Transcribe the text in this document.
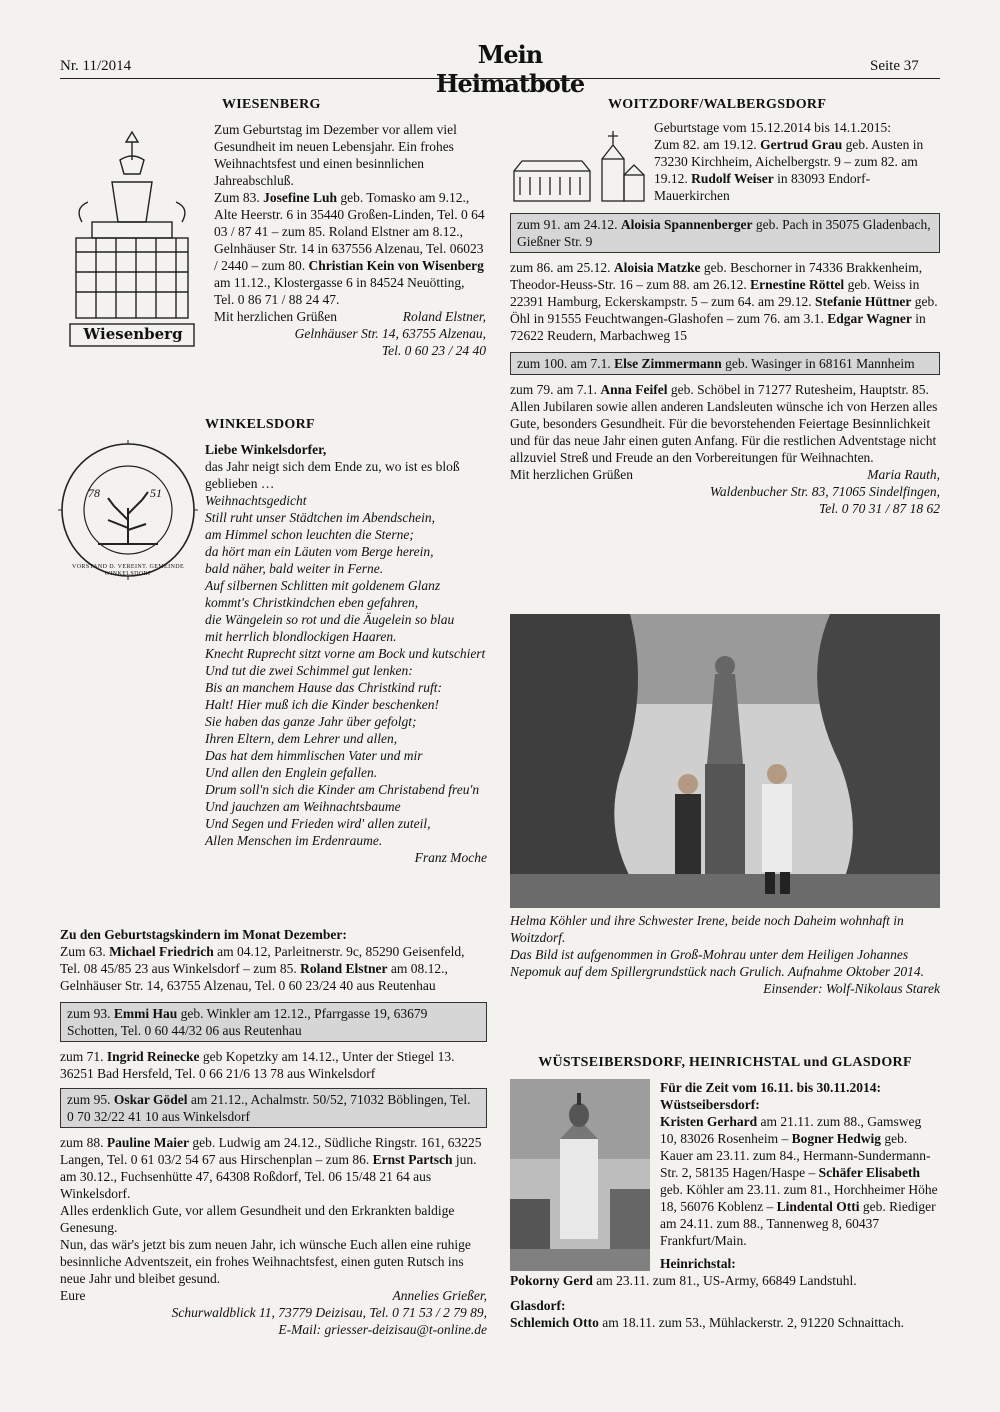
Nr. 11/2014	Mein Heimatbote
Seite 37
Wiesenberg
WIESENBERG

Zum Geburtstag im Dezember vor allem viel Gesundheit im neuen Lebensjahr. Ein frohes Weihnachtsfest und einen besinnlichen Jahreabschluß.

Zum 83. Josefine Luh geb. Tomasko am 9.12., Alte Heerstr. 6 in 35440 Großen-Linden, Tel. 0 64 03 / 87 41 – zum 85. Roland Elstner am 8.12., Gelnhäuser Str. 14 in 637556 Alzenau, Tel. 06023 / 2440 – zum 80. Christian Kein von Wisenberg am 11.12., Klostergasse 6 in 84524 Neuötting, Tel. 0 86 71 / 88 24 47.

Mit herzlichen Grüßen	Roland Elstner,

Gelnhäuser Str. 14, 63755 Alzenau,

Tel. 0 60 23 / 24 40

78	51
VORSTAND D. VEREINT. GEMEINDE WINKELSDORF
WINKELSDORF

Liebe Winkelsdorfer,

das Jahr neigt sich dem Ende zu, wo ist es bloß geblieben …

Weihnachtsgedicht

Still ruht unser Städtchen im Abendschein,

am Himmel schon leuchten die Sterne;

da hört man ein Läuten vom Berge herein,

bald näher, bald weiter in Ferne.

Auf silbernen Schlitten mit goldenem Glanz

kommt's Christkindchen eben gefahren,

die Wängelein so rot und die Äugelein so blau

mit herrlich blondlockigen Haaren.

Knecht Ruprecht sitzt vorne am Bock und kutschiert

Und tut die zwei Schimmel gut lenken:

Bis an manchem Hause das Christkind ruft:

Halt! Hier muß ich die Kinder beschenken!

Sie haben das ganze Jahr über gefolgt;

Ihren Eltern, dem Lehrer und allen,

Das hat dem himmlischen Vater und mir

Und allen den Englein gefallen.

Drum soll'n sich die Kinder am Christabend freu'n

Und jauchzen am Weihnachtsbaume

Und Segen und Frieden wird' allen zuteil,

Allen Menschen im Erdenraume.

Franz Moche

Zu den Geburtstagskindern im Monat Dezember:

Zum 63. Michael Friedrich am 04.12, Parleitnerstr. 9c, 85290 Geisenfeld, Tel. 08 45/85 23 aus Winkelsdorf – zum 85. Roland Elstner am 08.12., Gelnhäuser Str. 14, 63755 Alzenau, Tel. 0 60 23/24 40 aus Reutenhau

zum 93. Emmi Hau geb. Winkler am 12.12., Pfarrgasse 19, 63679 Schotten, Tel. 0 60 44/32 06 aus Reutenhau

zum 71. Ingrid Reinecke geb Kopetzky am 14.12., Unter der Stiegel 13. 36251 Bad Hersfeld, Tel. 0 66 21/6 13 78 aus Winkelsdorf

zum 95. Oskar Gödel am 21.12., Achalmstr. 50/52, 71032 Böblingen, Tel. 0 70 32/22 41 10 aus Winkelsdorf

zum 88. Pauline Maier geb. Ludwig am 24.12., Südliche Ringstr. 161, 63225 Langen, Tel. 0 61 03/2 54 67 aus Hirschenplan – zum 86. Ernst Partsch jun. am 30.12., Fuchsenhütte 47, 64308 Roßdorf, Tel. 06 15/48 21 64 aus Winkelsdorf.

Alles erdenklich Gute, vor allem Gesundheit und den Erkrankten baldige Genesung.

Nun, das wär's jetzt bis zum neuen Jahr, ich wünsche Euch allen eine ruhige besinnliche Adventszeit, ein frohes Weihnachtsfest, einen guten Rutsch ins neue Jahr und bleibet gesund.

Eure	Annelies Grießer,

Schurwaldblick 11, 73779 Deizisau, Tel. 0 71 53 / 2 79 89,

E-Mail: griesser-deizisau@t-online.de

WOITZDORF/WALBERGSDORF

Geburtstage vom 15.12.2014 bis 14.1.2015:

Zum 82. am 19.12. Gertrud Grau geb. Austen in 73230 Kirchheim, Aichelbergstr. 9 – zum 82. am 19.12. Rudolf Weiser in 83093 Endorf-Mauerkirchen

zum 91. am 24.12. Aloisia Spannenberger geb. Pach in 35075 Gladenbach, Gießner Str. 9

zum 86. am 25.12. Aloisia Matzke geb. Beschorner in 74336 Brakkenheim, Theodor-Heuss-Str. 16 – zum 88. am 26.12. Ernestine Röttel geb. Weiss in 22391 Hamburg, Eckerskampstr. 5 – zum 64. am 29.12. Stefanie Hüttner geb. Öhl in 91555 Feuchtwangen-Glashofen – zum 76. am 3.1. Edgar Wagner in 72622 Reudern, Marbachweg 15

zum 100. am 7.1. Else Zimmermann geb. Wasinger in 68161 Mannheim

zum 79. am 7.1. Anna Feifel geb. Schöbel in 71277 Rutesheim, Hauptstr. 85.

Allen Jubilaren sowie allen anderen Landsleuten wünsche ich von Herzen alles Gute, besonders Gesundheit. Für die bevorstehenden Feiertage Besinnlichkeit und für das neue Jahr einen guten Anfang. Für die restlichen Adventstage nicht allzuviel Streß und Freude an den Vorbereitungen für Weihnachten.

Mit herzlichen Grüßen	Maria Rauth,

Waldenbucher Str. 83, 71065 Sindelfingen,

Tel. 0 70 31 / 87 18 62

Helma Köhler und ihre Schwester Irene, beide noch Daheim wohnhaft in Woitzdorf.

Das Bild ist aufgenommen in Groß-Mohrau unter dem Heiligen Johannes Nepomuk auf dem Spillergrundstück nach Grulich. Aufnahme Oktober 2014.
Einsender: Wolf-Nikolaus Starek

WÜSTSEIBERSDORF, HEINRICHSTAL und GLASDORF

Für die Zeit vom 16.11. bis 30.11.2014:

Wüstseibersdorf:

Kristen Gerhard am 21.11. zum 88., Gamsweg 10, 83026 Rosenheim – Bogner Hedwig geb. Kauer am 23.11. zum 84., Hermann-Sundermann-Str. 2, 58135 Hagen/Haspe – Schäfer Elisabeth geb. Köhler am 23.11. zum 81., Horchheimer Höhe 18, 56076 Koblenz – Lindental Otti geb. Riediger am 24.11. zum 88., Tannenweg 8, 60437 Frankfurt/Main.

Heinrichstal:

Pokorny Gerd am 23.11. zum 81., US-Army, 66849 Landstuhl.

Glasdorf:

Schlemich Otto am 18.11. zum 53., Mühlackerstr. 2, 91220 Schnaittach.
